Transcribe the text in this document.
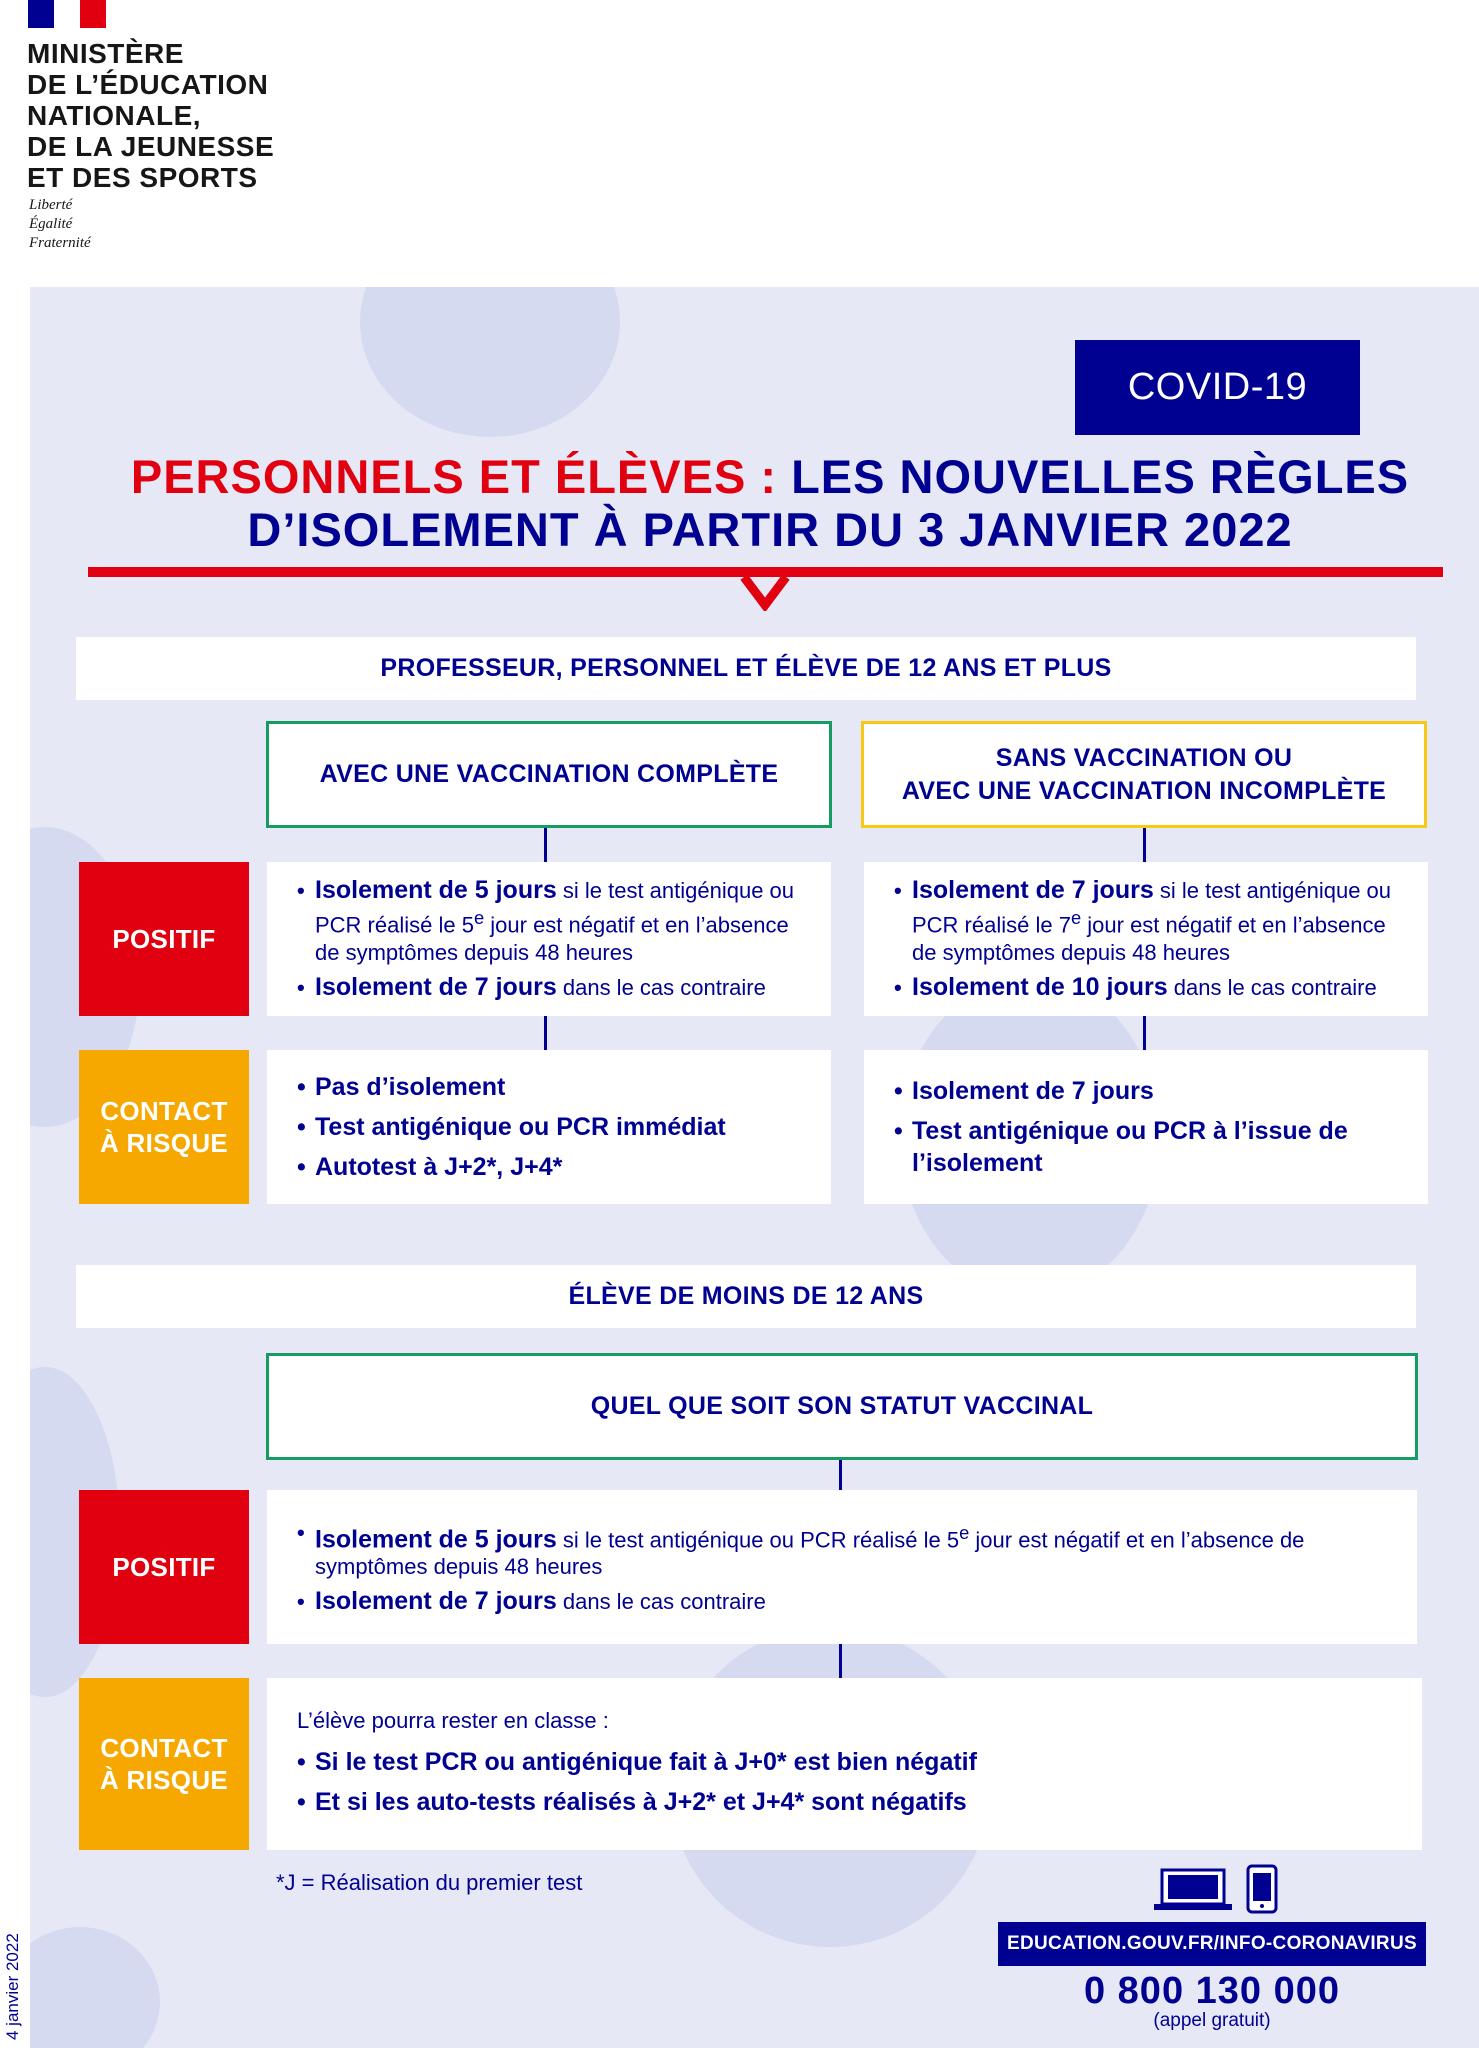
MINISTÈRE
DE L’ÉDUCATION
NATIONALE,
DE LA JEUNESSE
ET DES SPORTS
Liberté
Égalité
Fraternité
COVID-19
PERSONNELS ET ÉLÈVES : LES NOUVELLES RÈGLES
D’ISOLEMENT À PARTIR DU 3 JANVIER 2022
PROFESSEUR, PERSONNEL ET ÉLÈVE DE 12 ANS ET PLUS
AVEC UNE VACCINATION COMPLÈTE
SANS VACCINATION OU
AVEC UNE VACCINATION INCOMPLÈTE
POSITIF
• Isolement de 5 jours si le test antigénique ou PCR réalisé le 5e jour est négatif et en l’absence de symptômes depuis 48 heures
• Isolement de 7 jours dans le cas contraire
• Isolement de 7 jours si le test antigénique ou PCR réalisé le 7e jour est négatif et en l’absence de symptômes depuis 48 heures
• Isolement de 10 jours dans le cas contraire
CONTACT
À RISQUE
• Pas d’isolement
• Test antigénique ou PCR immédiat
• Autotest à J+2*, J+4*
• Isolement de 7 jours
• Test antigénique ou PCR à l’issue de l’isolement
ÉLÈVE DE MOINS DE 12 ANS
QUEL QUE SOIT SON STATUT VACCINAL
POSITIF
• Isolement de 5 jours si le test antigénique ou PCR réalisé le 5e jour est négatif et en l’absence de symptômes depuis 48 heures
• Isolement de 7 jours dans le cas contraire
CONTACT
À RISQUE
L’élève pourra rester en classe :
• Si le test PCR ou antigénique fait à J+0* est bien négatif
• Et si les auto-tests réalisés à J+2* et J+4* sont négatifs
*J = Réalisation du premier test
EDUCATION.GOUV.FR/INFO-CORONAVIRUS
0 800 130 000
(appel gratuit)
4 janvier 2022
